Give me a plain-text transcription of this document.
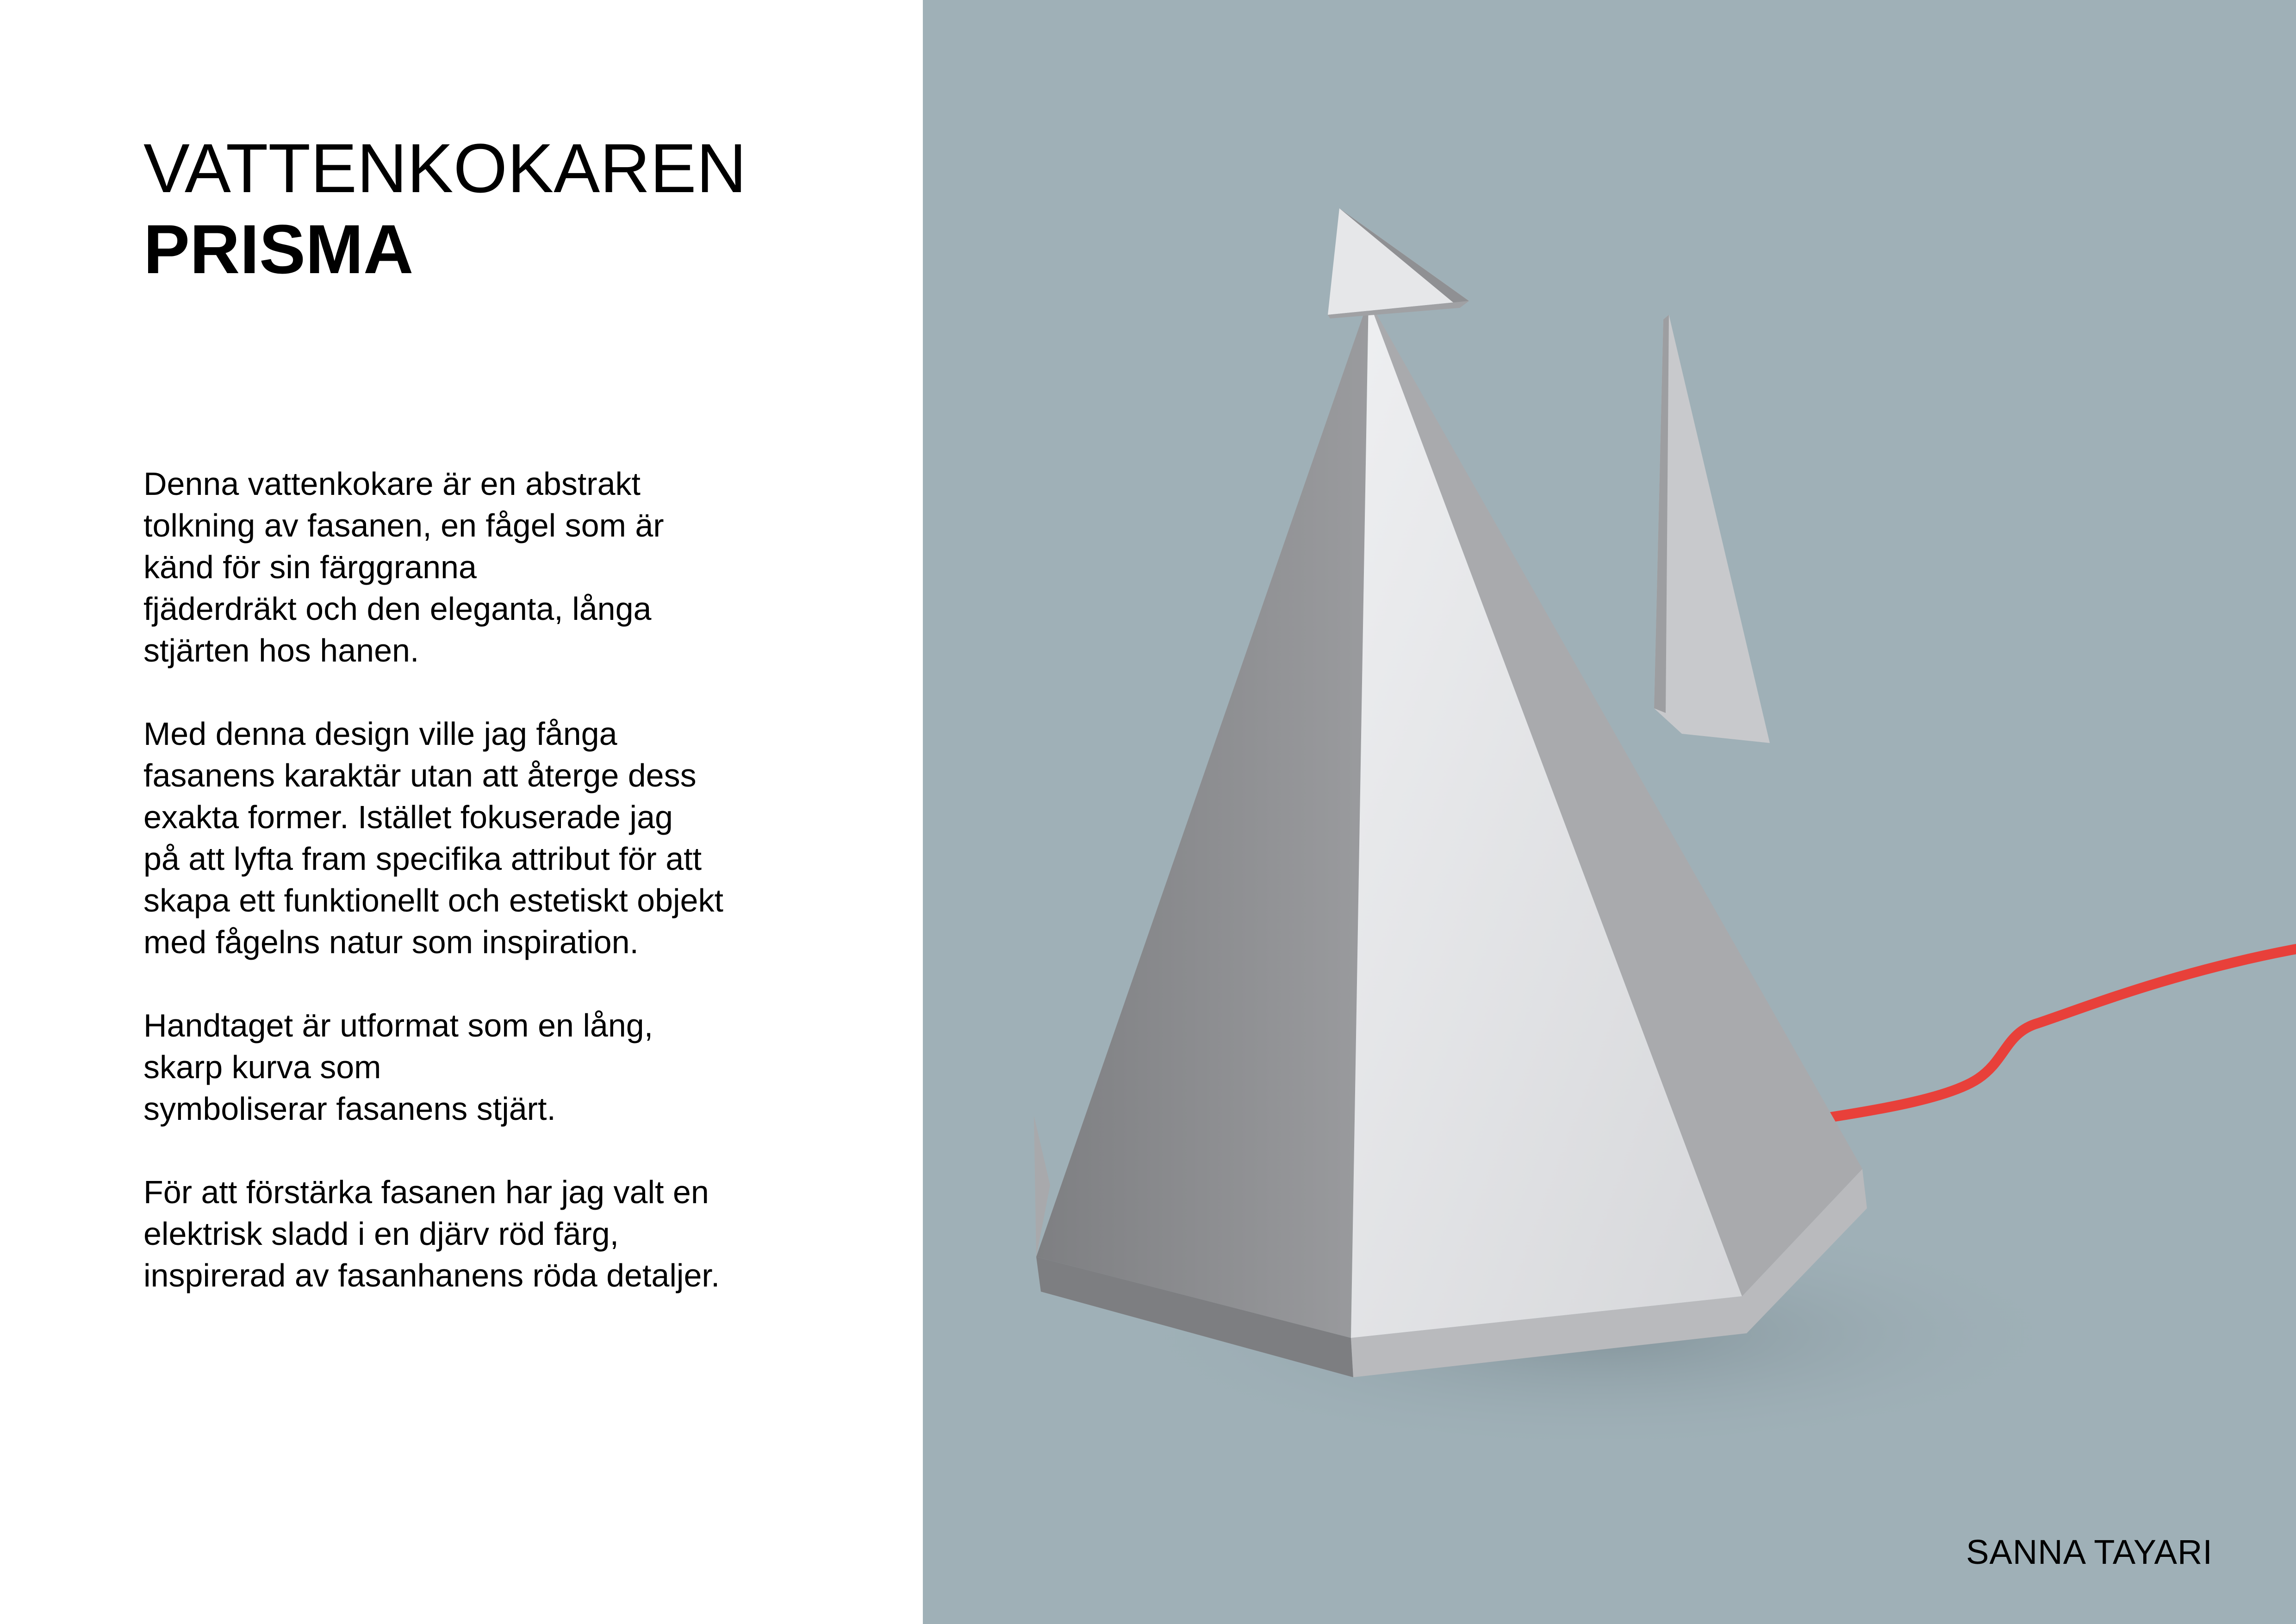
VATTENKOKAREN
PRISMA

Denna vattenkokare är en abstrakt
tolkning av fasanen, en fågel som är
känd för sin färggranna
fjäderdräkt och den eleganta, långa
stjärten hos hanen.

Med denna design ville jag fånga
fasanens karaktär utan att återge dess
exakta former. Istället fokuserade jag
på att lyfta fram specifika attribut för att
skapa ett funktionellt och estetiskt objekt
med fågelns natur som inspiration.

Handtaget är utformat som en lång,
skarp kurva som
symboliserar fasanens stjärt.

För att förstärka fasanen har jag valt en
elektrisk sladd i en djärv röd färg,
inspirerad av fasanhanens röda detaljer.

SANNA TAYARI
